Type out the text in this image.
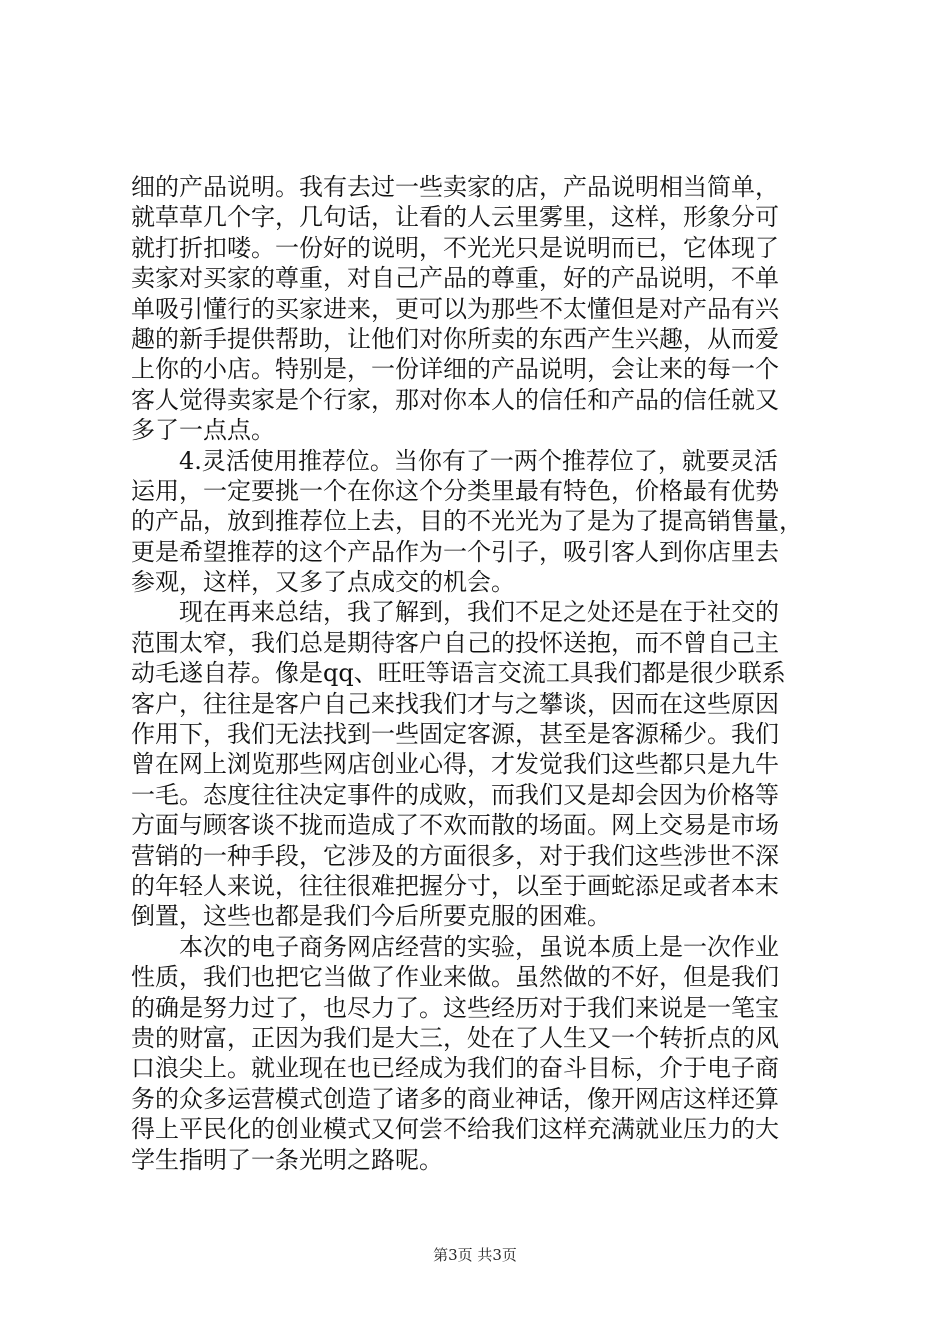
细的产品说明。我有去过一些卖家的店，产品说明相当简单，
就草草几个字，几句话，让看的人云里雾里，这样，形象分可
就打折扣喽。一份好的说明，不光光只是说明而已，它体现了
卖家对买家的尊重，对自己产品的尊重，好的产品说明，不单
单吸引懂行的买家进来，更可以为那些不太懂但是对产品有兴
趣的新手提供帮助，让他们对你所卖的东西产生兴趣，从而爱
上你的小店。特别是，一份详细的产品说明，会让来的每一个
客人觉得卖家是个行家，那对你本人的信任和产品的信任就又
多了一点点。
4.灵活使用推荐位。当你有了一两个推荐位了，就要灵活
运用，一定要挑一个在你这个分类里最有特色，价格最有优势
的产品，放到推荐位上去，目的不光光为了是为了提高销售量，
更是希望推荐的这个产品作为一个引子，吸引客人到你店里去
参观，这样，又多了点成交的机会。
现在再来总结，我了解到，我们不足之处还是在于社交的
范围太窄，我们总是期待客户自己的投怀送抱，而不曾自己主
动毛遂自荐。像是qq、旺旺等语言交流工具我们都是很少联系
客户，往往是客户自己来找我们才与之攀谈，因而在这些原因
作用下，我们无法找到一些固定客源，甚至是客源稀少。我们
曾在网上浏览那些网店创业心得，才发觉我们这些都只是九牛
一毛。态度往往决定事件的成败，而我们又是却会因为价格等
方面与顾客谈不拢而造成了不欢而散的场面。网上交易是市场
营销的一种手段，它涉及的方面很多，对于我们这些涉世不深
的年轻人来说，往往很难把握分寸，以至于画蛇添足或者本末
倒置，这些也都是我们今后所要克服的困难。
本次的电子商务网店经营的实验，虽说本质上是一次作业
性质，我们也把它当做了作业来做。虽然做的不好，但是我们
的确是努力过了，也尽力了。这些经历对于我们来说是一笔宝
贵的财富，正因为我们是大三，处在了人生又一个转折点的风
口浪尖上。就业现在也已经成为我们的奋斗目标，介于电子商
务的众多运营模式创造了诸多的商业神话，像开网店这样还算
得上平民化的创业模式又何尝不给我们这样充满就业压力的大
学生指明了一条光明之路呢。
第3页 共3页
